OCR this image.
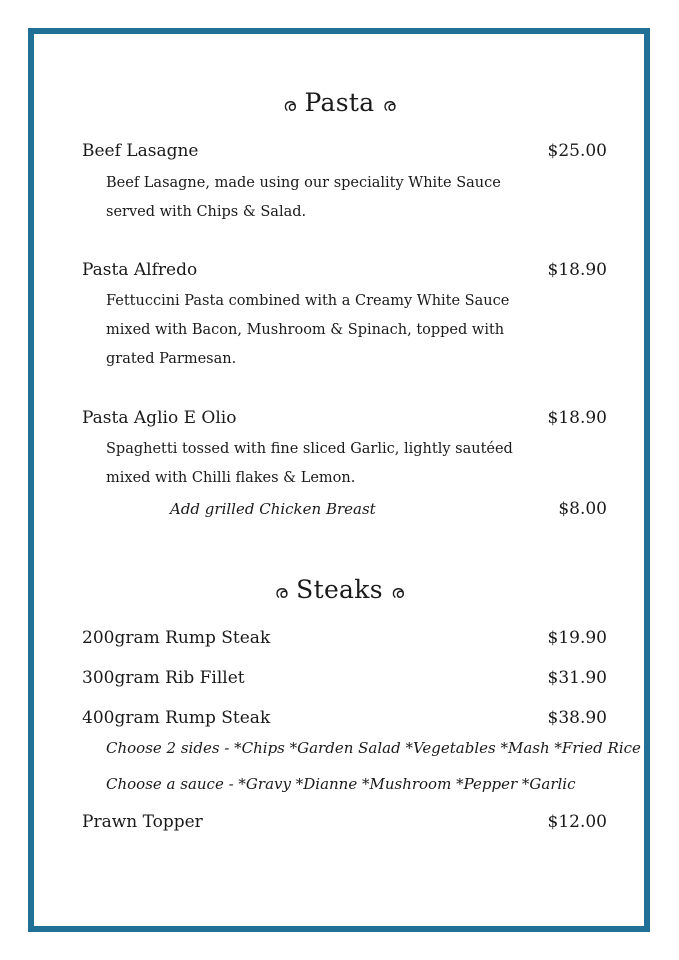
ര Pasta ര
Beef Lasagne	$25.00
Beef Lasagne, made using our speciality White Sauce
served with Chips & Salad.
Pasta Alfredo	$18.90
Fettuccini Pasta combined with a Creamy White Sauce
mixed with Bacon, Mushroom & Spinach, topped with
grated Parmesan.
Pasta Aglio E Olio	$18.90
Spaghetti tossed with fine sliced Garlic, lightly sautéed
mixed with Chilli flakes & Lemon.
Add grilled Chicken Breast	$8.00
ര Steaks ര
200gram Rump Steak	$19.90
300gram Rib Fillet	$31.90
400gram Rump Steak	$38.90
Choose 2 sides - *Chips *Garden Salad *Vegetables *Mash *Fried Rice
Choose a sauce - *Gravy *Dianne *Mushroom *Pepper *Garlic
Prawn Topper	$12.00
